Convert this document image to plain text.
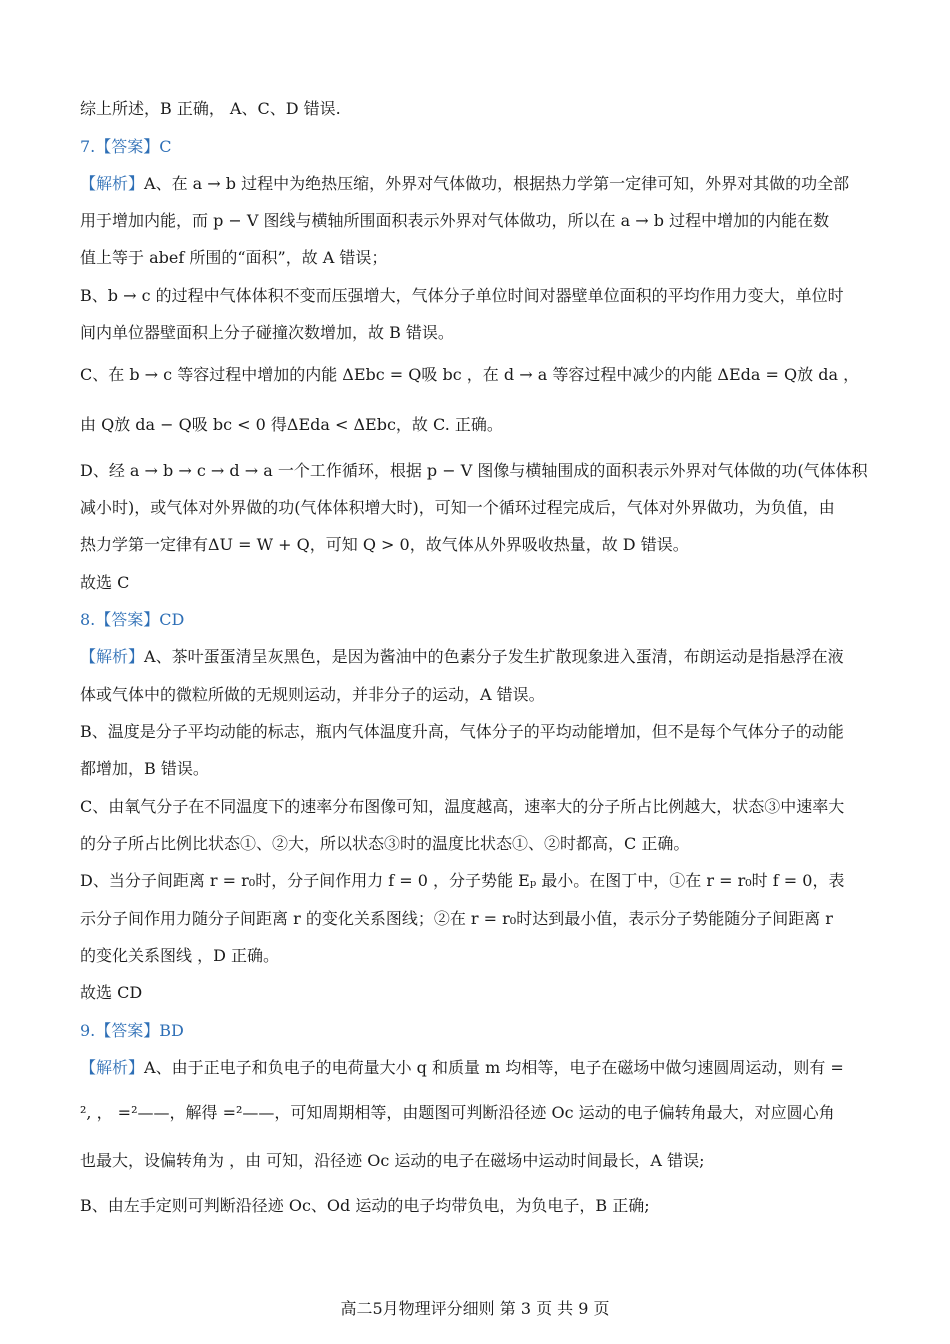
综上所述，B 正确， A、C、D 错误.
7.【答案】C
【解析】A、在 a → b 过程中为绝热压缩，外界对气体做功，根据热力学第一定律可知，外界对其做的功全部
用于增加内能，而 p − V 图线与横轴所围面积表示外界对气体做功，所以在 a → b 过程中增加的内能在数
值上等于 abef 所围的“面积”，故 A 错误；
B、b → c 的过程中气体体积不变而压强增大，气体分子单位时间对器壁单位面积的平均作用力变大，单位时
间内单位器壁面积上分子碰撞次数增加，故 B 错误。
C、在 b → c 等容过程中增加的内能 ΔEbc = Q吸 bc ，在 d → a 等容过程中减少的内能 ΔEda = Q放 da ，
由 Q放 da − Q吸 bc < 0 得ΔEda < ΔEbc，故 C. 正确。
D、经 a → b → c → d → a 一个工作循环，根据 p − V 图像与横轴围成的面积表示外界对气体做的功(气体体积
减小时)，或气体对外界做的功(气体体积增大时)，可知一个循环过程完成后，气体对外界做功，为负值，由
热力学第一定律有ΔU = W + Q，可知 Q > 0，故气体从外界吸收热量，故 D 错误。
故选 C
8.【答案】CD
【解析】A、茶叶蛋蛋清呈灰黑色，是因为酱油中的色素分子发生扩散现象进入蛋清，布朗运动是指悬浮在液
体或气体中的微粒所做的无规则运动，并非分子的运动，A 错误。
B、温度是分子平均动能的标志，瓶内气体温度升高，气体分子的平均动能增加，但不是每个气体分子的动能
都增加，B 错误。
C、由氧气分子在不同温度下的速率分布图像可知，温度越高，速率大的分子所占比例越大，状态③中速率大
的分子所占比例比状态①、②大，所以状态③时的温度比状态①、②时都高，C 正确。
D、当分子间距离 r = r₀时，分子间作用力 f = 0 ，分子势能 Eₚ 最小。在图丁中，①在 r = r₀时 f = 0，表
示分子间作用力随分子间距离 r 的变化关系图线；②在 r = r₀时达到最小值，表示分子势能随分子间距离 r
的变化关系图线 ，D 正确。
故选 CD
9.【答案】BD
【解析】A、由于正电子和负电子的电荷量大小 q 和质量 m 均相等，电子在磁场中做匀速圆周运动，则有 =
², ， =²——，解得 =²——，可知周期相等，由题图可判断沿径迹 Oc 运动的电子偏转角最大，对应圆心角
也最大，设偏转角为 ，由 可知，沿径迹 Oc 运动的电子在磁场中运动时间最长，A 错误;
B、由左手定则可判断沿径迹 Oc、Od 运动的电子均带负电，为负电子，B 正确;
高二5月物理评分细则 第 3 页 共 9 页
